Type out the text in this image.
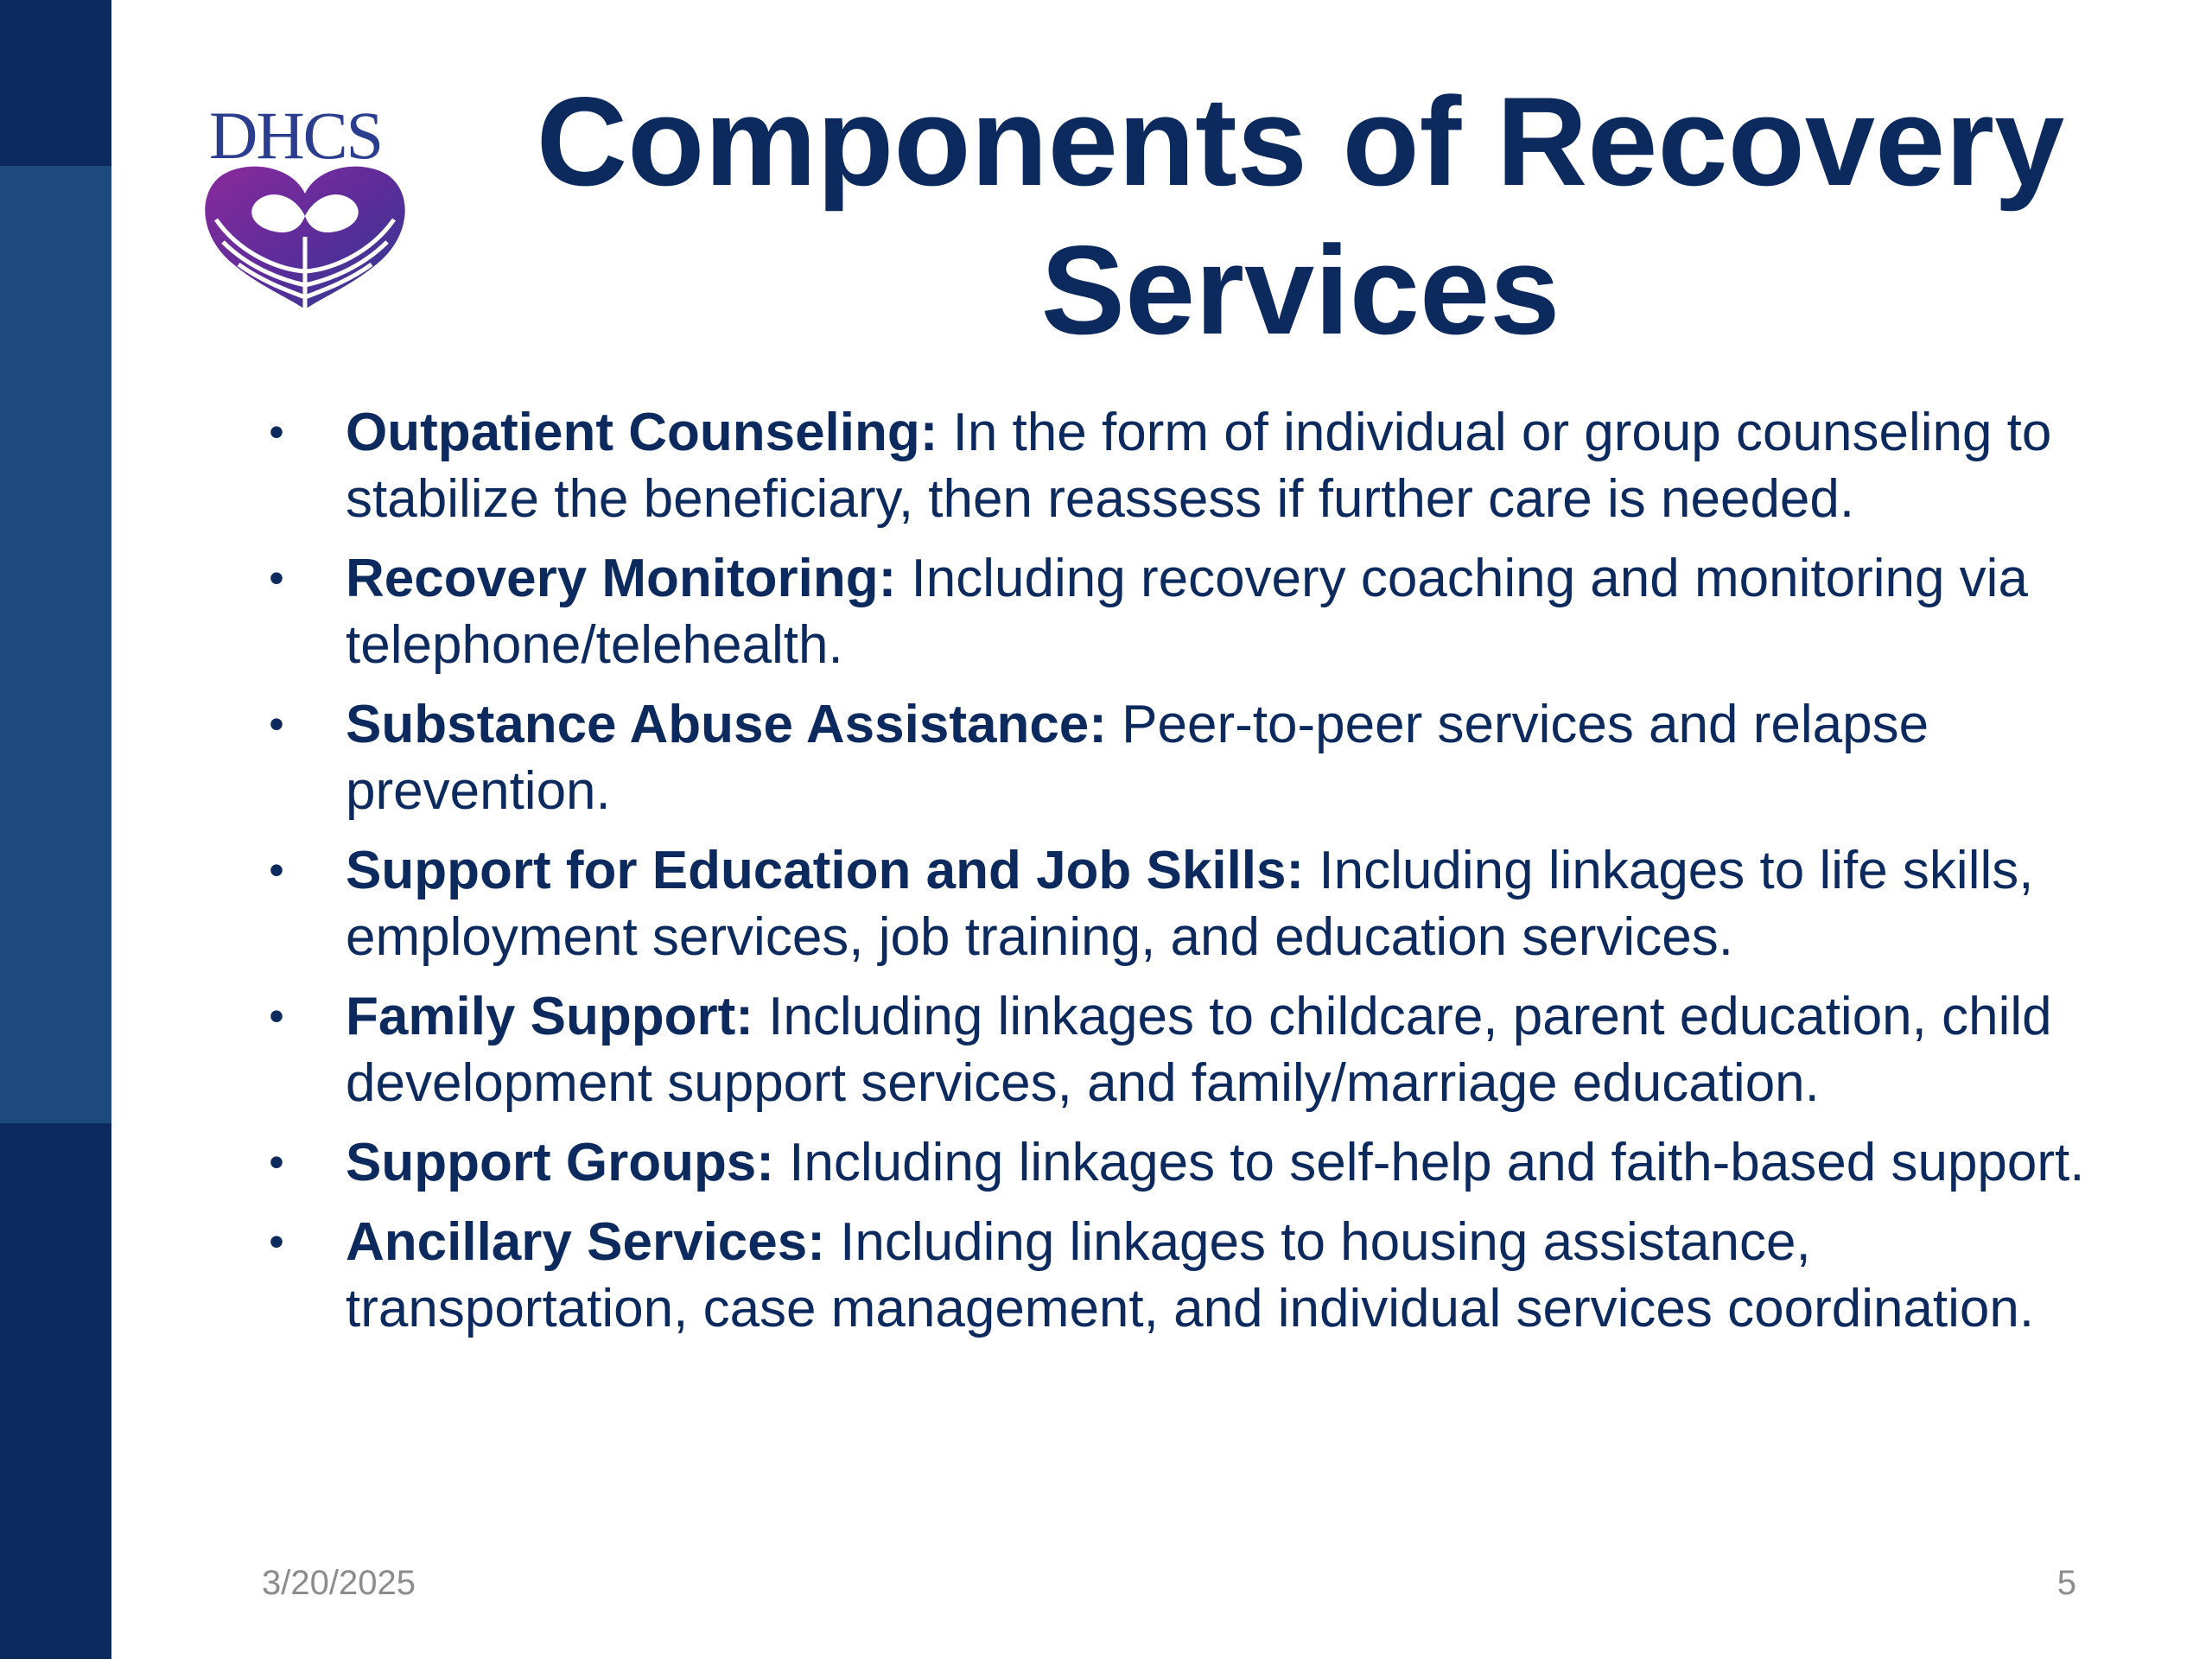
DHCS	Components of Recovery Services
• Outpatient Counseling: In the form of individual or group counseling to stabilize the beneficiary, then reassess if further care is needed.
• Recovery Monitoring: Including recovery coaching and monitoring via telephone/telehealth.
• Substance Abuse Assistance: Peer-to-peer services and relapse prevention.
• Support for Education and Job Skills: Including linkages to life skills, employment services, job training, and education services.
• Family Support: Including linkages to childcare, parent education, child development support services, and family/marriage education.
• Support Groups: Including linkages to self-help and faith-based support.
• Ancillary Services: Including linkages to housing assistance, transportation, case management, and individual services coordination.
3/20/2025	5
